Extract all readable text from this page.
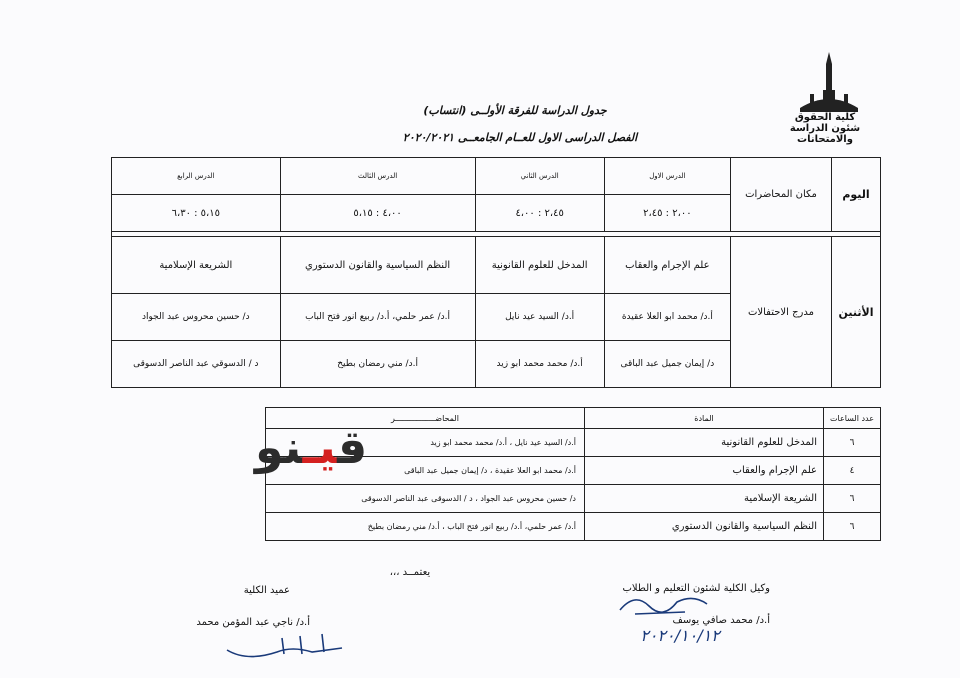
كلية الحقوق
شئون الدراسة والامتحانات
جدول الدراسة للفرقة الأولــى (انتساب)
الفصل الدراسى الاول للعــام الجامعــى ٢٠٢٠/٢٠٢١
اليوم	مكان المحاضرات	الدرس الاول	الدرس الثاني	الدرس الثالث	الدرس الرابع
		٢،٠٠ : ٢،٤٥	٢،٤٥ : ٤،٠٠	٤،٠٠ : ٥،١٥	٥،١٥ : ٦،٣٠

الأثنين	مدرج الاحتفالات	علم الإجرام والعقاب	المدخل للعلوم القانونية	النظم السياسية والقانون الدستوري	الشريعة الإسلامية
		أ.د/ محمد ابو العلا عقيدة	أ.د/ السيد عيد نايل	أ.د/ عمر حلمي، أ.د/ ربيع انور فتح الباب	د/ حسين محروس عبد الجواد
		د/ إيمان جميل عبد الباقى	أ.د/ محمد محمد ابو زيد	أ.د/ مني رمضان بطيخ	د / الدسوقي عبد الناصر الدسوقى
عدد الساعات	المادة	المحاضـــــــــــــــــر
٦	المدخل للعلوم القانونية	أ.د/ السيد عيد نايل ، أ.د/ محمد محمد ابو زيد
٤	علم الإجرام والعقاب	أ.د/ محمد ابو العلا عقيدة ، د/ إيمان جميل عبد الباقى
٦	الشريعة الإسلامية	د/ حسين محروس عبد الجواد ، د / الدسوقى عبد الناصر الدسوقى
٦	النظم السياسية والقانون الدستوري	أ.د/ عمر حلمي، أ.د/ ربيع انور فتح الباب ، أ.د/ مني رمضان بطيخ
قيـنو
يعتمــد ،،،
وكيل الكلية لشئون التعليم و الطلاب
أ.د/ محمد صافي يوسف
عميد الكلية
أ.د/ ناجي عبد المؤمن محمد
٢٠٢٠/١٠/١٢
